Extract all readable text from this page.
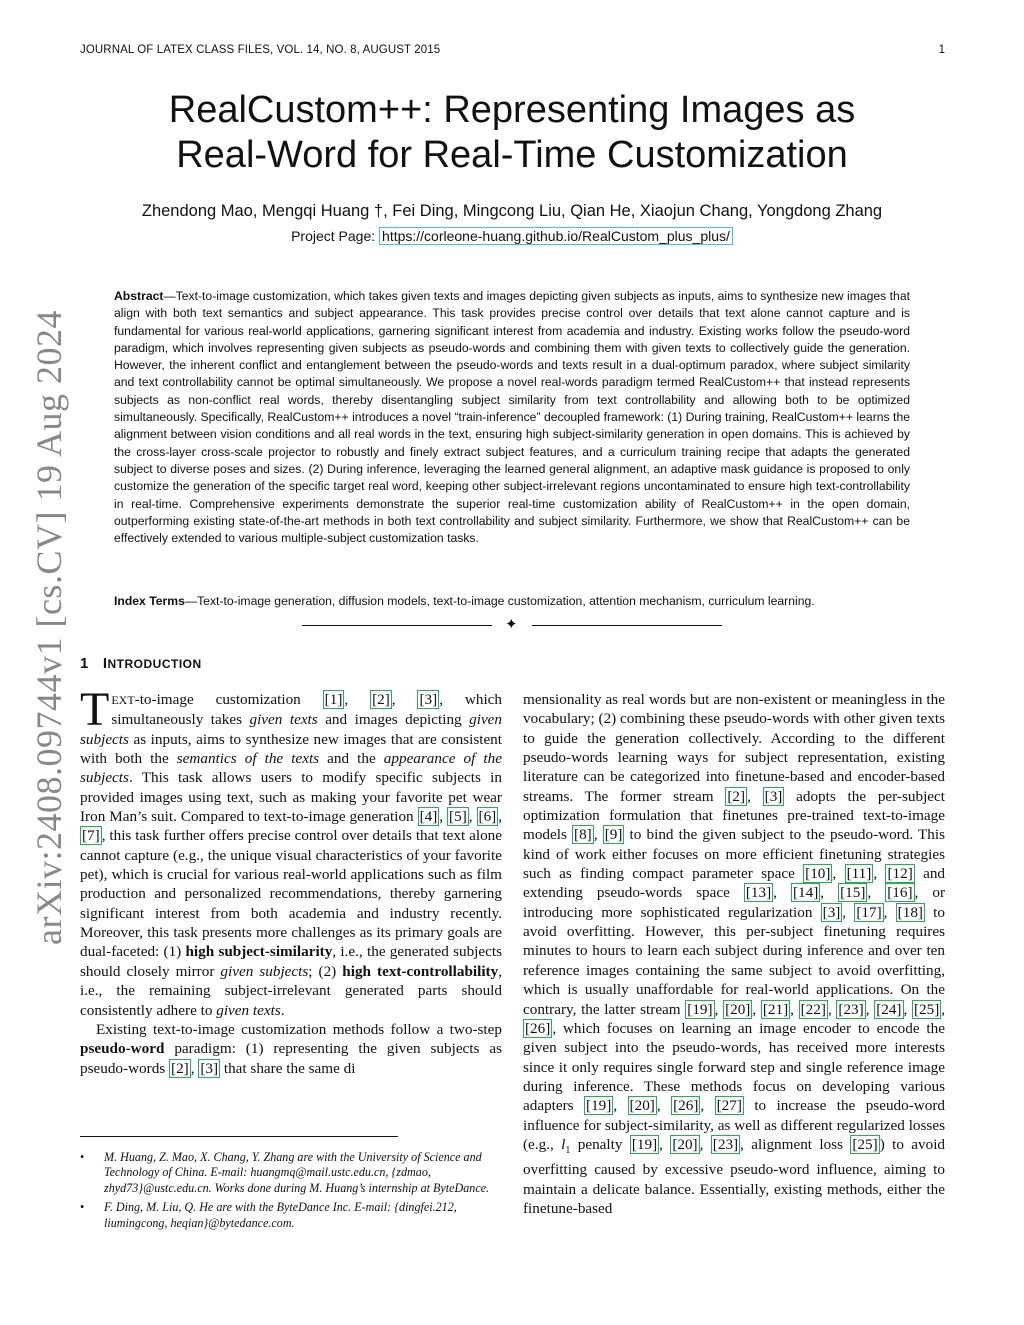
JOURNAL OF LATEX CLASS FILES, VOL. 14, NO. 8, AUGUST 2015	1
RealCustom++: Representing Images as
Real-Word for Real-Time Customization
Zhendong Mao, Mengqi Huang †, Fei Ding, Mingcong Liu, Qian He, Xiaojun Chang, Yongdong Zhang
Project Page: https://corleone-huang.github.io/RealCustom_plus_plus/

Abstract—Text-to-image customization, which takes given texts and images depicting given subjects as inputs, aims to synthesize new images that align with both text semantics and subject appearance. This task provides precise control over details that text alone cannot capture and is fundamental for various real-world applications, garnering significant interest from academia and industry. Existing works follow the pseudo-word paradigm, which involves representing given subjects as pseudo-words and combining them with given texts to collectively guide the generation. However, the inherent conflict and entanglement between the pseudo-words and texts result in a dual-optimum paradox, where subject similarity and text controllability cannot be optimal simultaneously. We propose a novel real-words paradigm termed RealCustom++ that instead represents subjects as non-conflict real words, thereby disentangling subject similarity from text controllability and allowing both to be optimized simultaneously. Specifically, RealCustom++ introduces a novel “train-inference” decoupled framework: (1) During training, RealCustom++ learns the alignment between vision conditions and all real words in the text, ensuring high subject-similarity generation in open domains. This is achieved by the cross-layer cross-scale projector to robustly and finely extract subject features, and a curriculum training recipe that adapts the generated subject to diverse poses and sizes. (2) During inference, leveraging the learned general alignment, an adaptive mask guidance is proposed to only customize the generation of the specific target real word, keeping other subject-irrelevant regions uncontaminated to ensure high text-controllability in real-time. Comprehensive experiments demonstrate the superior real-time customization ability of RealCustom++ in the open domain, outperforming existing state-of-the-art methods in both text controllability and subject similarity. Furthermore, we show that RealCustom++ can be effectively extended to various multiple-subject customization tasks.

Index Terms—Text-to-image generation, diffusion models, text-to-image customization, attention mechanism, curriculum learning.

✦
arXiv:2408.09744v1 [cs.CV] 19 Aug 2024 1 INTRODUCTION

TEXT-to-image customization [1] , [2] , [3] , which simultaneously takes given texts and images depicting given subjects as inputs, aims to synthesize new images that are consistent with both the semantics of the texts and the appearance of the subjects. This task allows users to modify specific subjects in provided images using text, such as making your favorite pet wear Iron Man’s suit. Compared to text-to-image generation [4] , [5] , [6] , [7] , this task further offers precise control over details that text alone cannot capture (e.g., the unique visual characteristics of your favorite pet), which is crucial for various real-world applications such as film production and personalized recommendations, thereby garnering significant interest from both academia and industry recently. Moreover, this task presents more challenges as its primary goals are dual-faceted: (1) high subject-similarity, i.e., the generated subjects should closely mirror given subjects; (2) high text-controllability, i.e., the remaining subject-irrelevant generated parts should consistently adhere to given texts.

Existing text-to-image customization methods follow a two-step pseudo-word paradigm: (1) representing the given subjects as pseudo-words [2] , [3] that share the same di

• M. Huang, Z. Mao, X. Chang, Y. Zhang are with the University of Science and Technology of China. E-mail: huangmq@mail.ustc.edu.cn, {zdmao, zhyd73}@ustc.edu.cn. Works done during M. Huang’s internship at ByteDance.
• F. Ding, M. Liu, Q. He are with the ByteDance Inc. E-mail: {dingfei.212, liumingcong, heqian}@bytedance.com.

mensionality as real words but are non-existent or meaningless in the vocabulary; (2) combining these pseudo-words with other given texts to guide the generation collectively. According to the different pseudo-words learning ways for subject representation, existing literature can be categorized into finetune-based and encoder-based streams. The former stream [2] , [3] adopts the per-subject optimization formulation that finetunes pre-trained text-to-image models [8] , [9] to bind the given subject to the pseudo-word. This kind of work either focuses on more efficient finetuning strategies such as finding compact parameter space [10] , [11] , [12] and extending pseudo-words space [13] , [14] , [15] , [16] , or introducing more sophisticated regularization [3] , [17] , [18] to avoid overfitting. However, this per-subject finetuning requires minutes to hours to learn each subject during inference and over ten reference images containing the same subject to avoid overfitting, which is usually unaffordable for real-world applications. On the contrary, the latter stream [19] , [20] , [21] , [22] , [23] , [24] , [25] , [26] , which focuses on learning an image encoder to encode the given subject into the pseudo-words, has received more interests since it only requires single forward step and single reference image during inference. These methods focus on developing various adapters [19] , [20] , [26] , [27] to increase the pseudo-word influence for subject-similarity, as well as different regularized losses (e.g., $l_1$ penalty [19] , [20] , [23] , alignment loss [25] ) to avoid overfitting caused by excessive pseudo-word influence, aiming to maintain a delicate balance. Essentially, existing methods, either the finetune-based
